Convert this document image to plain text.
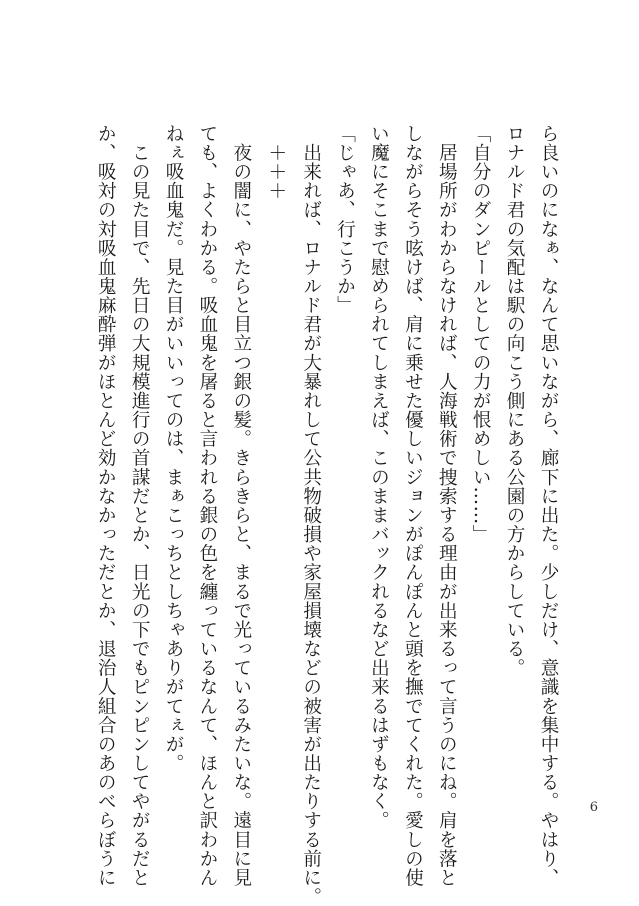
ら良いのになぁ、なんて思いながら、廊下に出た。少しだけ、意識を集中する。やはり、
ロナルド君の気配は駅の向こう側にある公園の方からしている。
「自分のダンピールとしての力が恨めしい……」
　居場所がわからなければ、人海戦術で捜索する理由が出来るって言うのにね。肩を落と
しながらそう呟けば、肩に乗せた優しいジョンがぽんぽんと頭を撫でてくれた。愛しの使
い魔にそこまで慰められてしまえば、このままバックれるなど出来るはずもなく。
「じゃあ、行こうか」
　出来れば、ロナルド君が大暴れして公共物破損や家屋損壊などの被害が出たりする前に。
　＋＋＋
　夜の闇に、やたらと目立つ銀の髪。きらきらと、まるで光っているみたいな。遠目に見
ても、よくわかる。吸血鬼を屠ると言われる銀の色を纏っているなんて、ほんと訳わかん
ねぇ吸血鬼だ。見た目がいいってのは、まぁこっちとしちゃありがてぇが。
　この見た目で、先日の大規模進行の首謀だとか、日光の下でもピンピンしてやがるだと
か、吸対の対吸血鬼麻酔弾がほとんど効かなかっただとか、退治人組合のあのべらぼうに	6
